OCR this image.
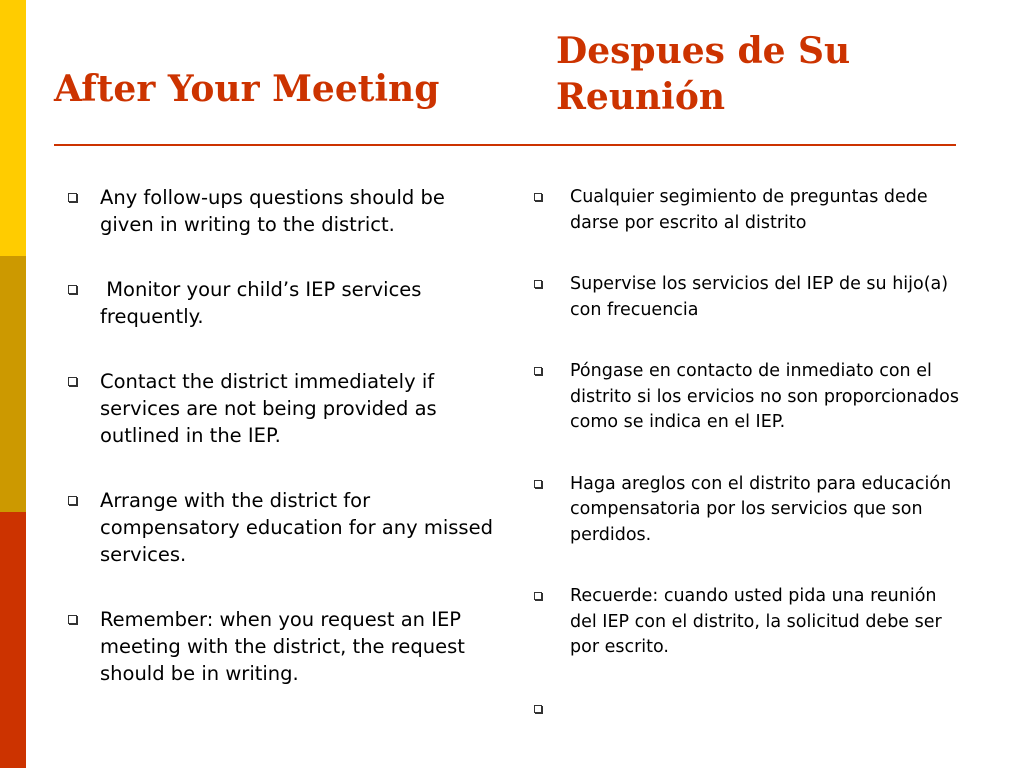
After Your Meeting
Despues de Su Reunión
Any follow-ups questions should be given in writing to the district.
Monitor your child’s IEP services frequently.
Contact the district immediately if services are not being provided as outlined in the IEP.
Arrange with the district for compensatory education for any missed services.
Remember: when you request an IEP meeting with the district, the request should be in writing.
Cualquier segimiento de preguntas dede darse por escrito al distrito
Supervise los servicios del IEP de su hijo(a) con frecuencia
Póngase en contacto de inmediato con el distrito si los ervicios no son proporcionados como se indica en el IEP.
Haga areglos con el distrito para educación compensatoria por los servicios que son perdidos.
Recuerde: cuando usted pida una reunión del IEP con el distrito, la solicitud debe ser por escrito.
